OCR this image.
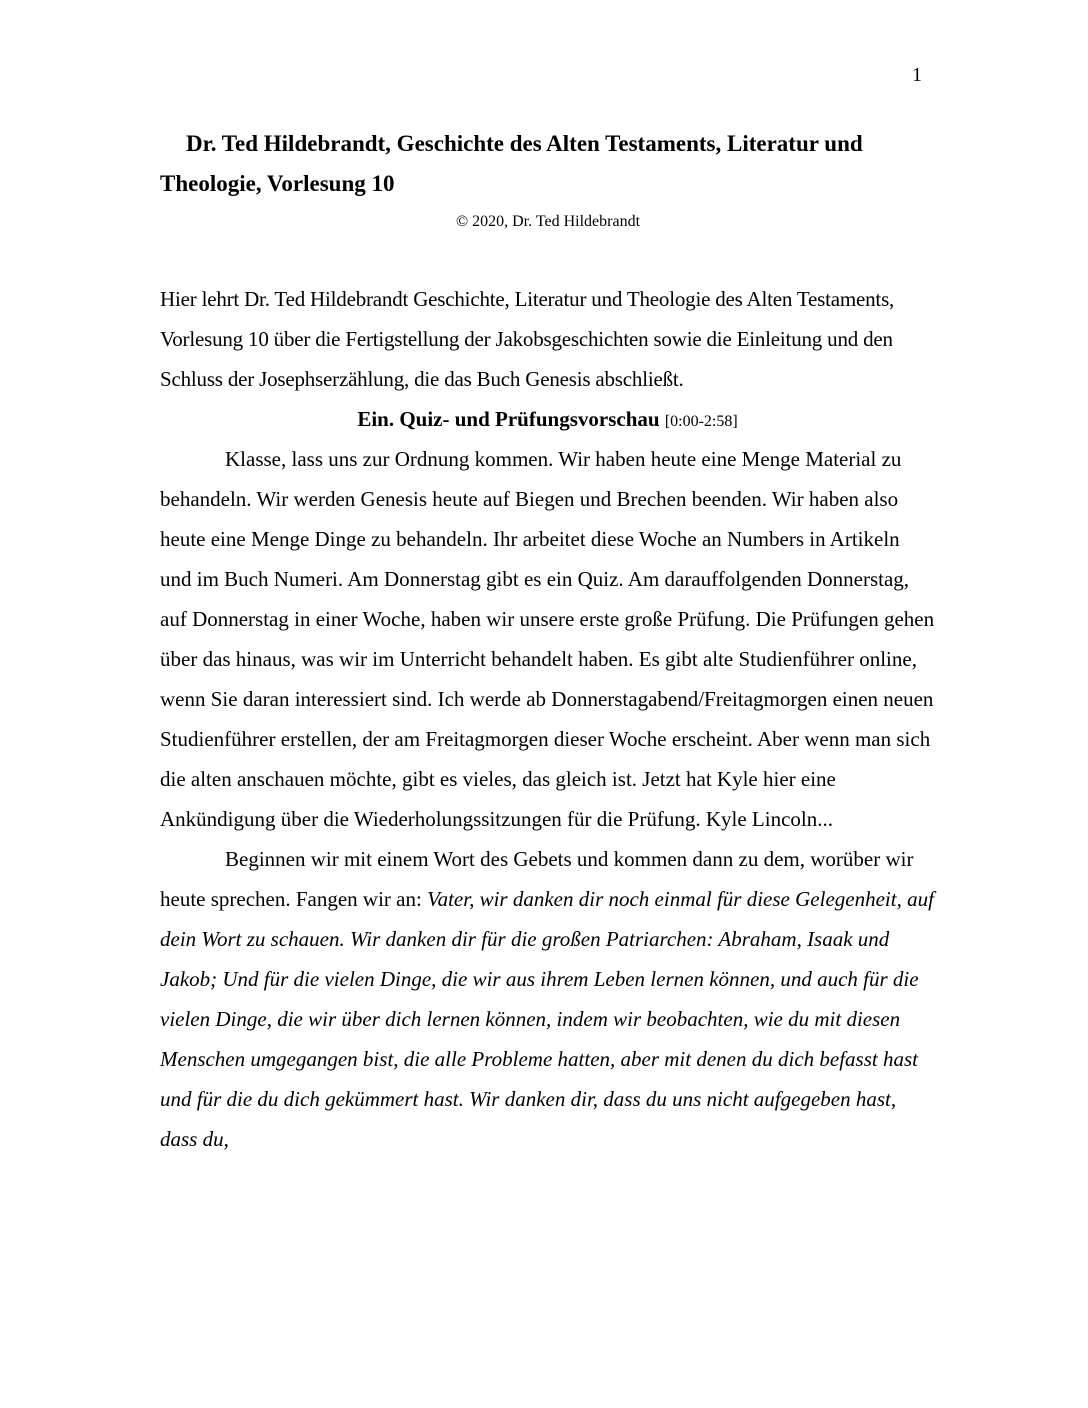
1
Dr. Ted Hildebrandt, Geschichte des Alten Testaments, Literatur und Theologie, Vorlesung 10
© 2020, Dr. Ted Hildebrandt

Hier lehrt Dr. Ted Hildebrandt Geschichte, Literatur und Theologie des Alten Testaments, Vorlesung 10 über die Fertigstellung der Jakobsgeschichten sowie die Einleitung und den Schluss der Josephserzählung, die das Buch Genesis abschließt.

Ein. Quiz- und Prüfungsvorschau [0:00-2:58]

Klasse, lass uns zur Ordnung kommen. Wir haben heute eine Menge Material zu behandeln. Wir werden Genesis heute auf Biegen und Brechen beenden. Wir haben also heute eine Menge Dinge zu behandeln. Ihr arbeitet diese Woche an Numbers in Artikeln und im Buch Numeri. Am Donnerstag gibt es ein Quiz. Am darauffolgenden Donnerstag, auf Donnerstag in einer Woche, haben wir unsere erste große Prüfung. Die Prüfungen gehen über das hinaus, was wir im Unterricht behandelt haben. Es gibt alte Studienführer online, wenn Sie daran interessiert sind. Ich werde ab Donnerstagabend/Freitagmorgen einen neuen Studienführer erstellen, der am Freitagmorgen dieser Woche erscheint. Aber wenn man sich die alten anschauen möchte, gibt es vieles, das gleich ist. Jetzt hat Kyle hier eine Ankündigung über die Wiederholungssitzungen für die Prüfung. Kyle Lincoln...

Beginnen wir mit einem Wort des Gebets und kommen dann zu dem, worüber wir heute sprechen. Fangen wir an: Vater, wir danken dir noch einmal für diese Gelegenheit, auf dein Wort zu schauen. Wir danken dir für die großen Patriarchen: Abraham, Isaak und Jakob; Und für die vielen Dinge, die wir aus ihrem Leben lernen können, und auch für die vielen Dinge, die wir über dich lernen können, indem wir beobachten, wie du mit diesen Menschen umgegangen bist, die alle Probleme hatten, aber mit denen du dich befasst hast und für die du dich gekümmert hast. Wir danken dir, dass du uns nicht aufgegeben hast, dass du,
